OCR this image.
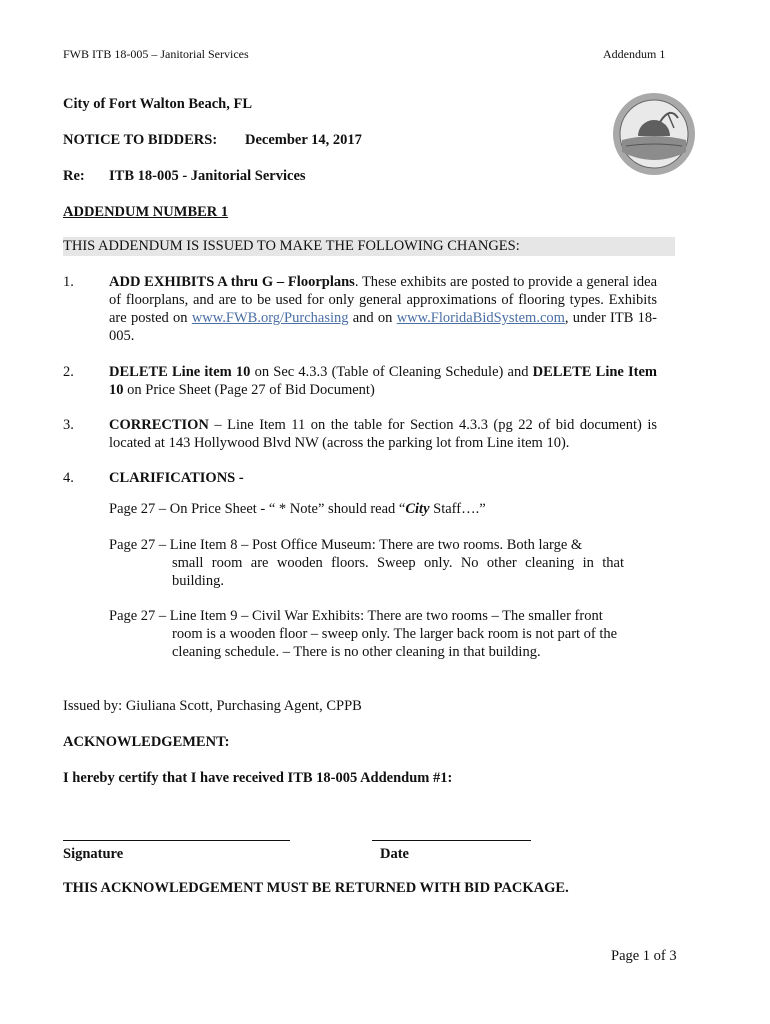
FWB ITB 18-005 – Janitorial Services	Addendum 1
City of Fort Walton Beach, FL
NOTICE TO BIDDERS: December 14, 2017
Re: ITB 18-005 - Janitorial Services
ADDENDUM NUMBER 1
THIS ADDENDUM IS ISSUED TO MAKE THE FOLLOWING CHANGES:
1. ADD EXHIBITS A thru G – Floorplans. These exhibits are posted to provide a general idea of floorplans, and are to be used for only general approximations of flooring types. Exhibits are posted on www.FWB.org/Purchasing and on www.FloridaBidSystem.com, under ITB 18-005.
2. DELETE Line item 10 on Sec 4.3.3 (Table of Cleaning Schedule) and DELETE Line Item 10 on Price Sheet (Page 27 of Bid Document)
3. CORRECTION – Line Item 11 on the table for Section 4.3.3 (pg 22 of bid document) is located at 143 Hollywood Blvd NW (across the parking lot from Line item 10).
4. CLARIFICATIONS -
Page 27 – On Price Sheet - “ * Note” should read “City Staff….”
Page 27 – Line Item 8 – Post Office Museum: There are two rooms. Both large &
small room are wooden floors. Sweep only. No other cleaning in that building.
Page 27 – Line Item 9 – Civil War Exhibits: There are two rooms – The smaller front
room is a wooden floor – sweep only. The larger back room is not part of the cleaning schedule. – There is no other cleaning in that building.
Issued by: Giuliana Scott, Purchasing Agent, CPPB
ACKNOWLEDGEMENT:
I hereby certify that I have received ITB 18-005 Addendum #1:
Signature	Date
THIS ACKNOWLEDGEMENT MUST BE RETURNED WITH BID PACKAGE.
Page 1 of 3
